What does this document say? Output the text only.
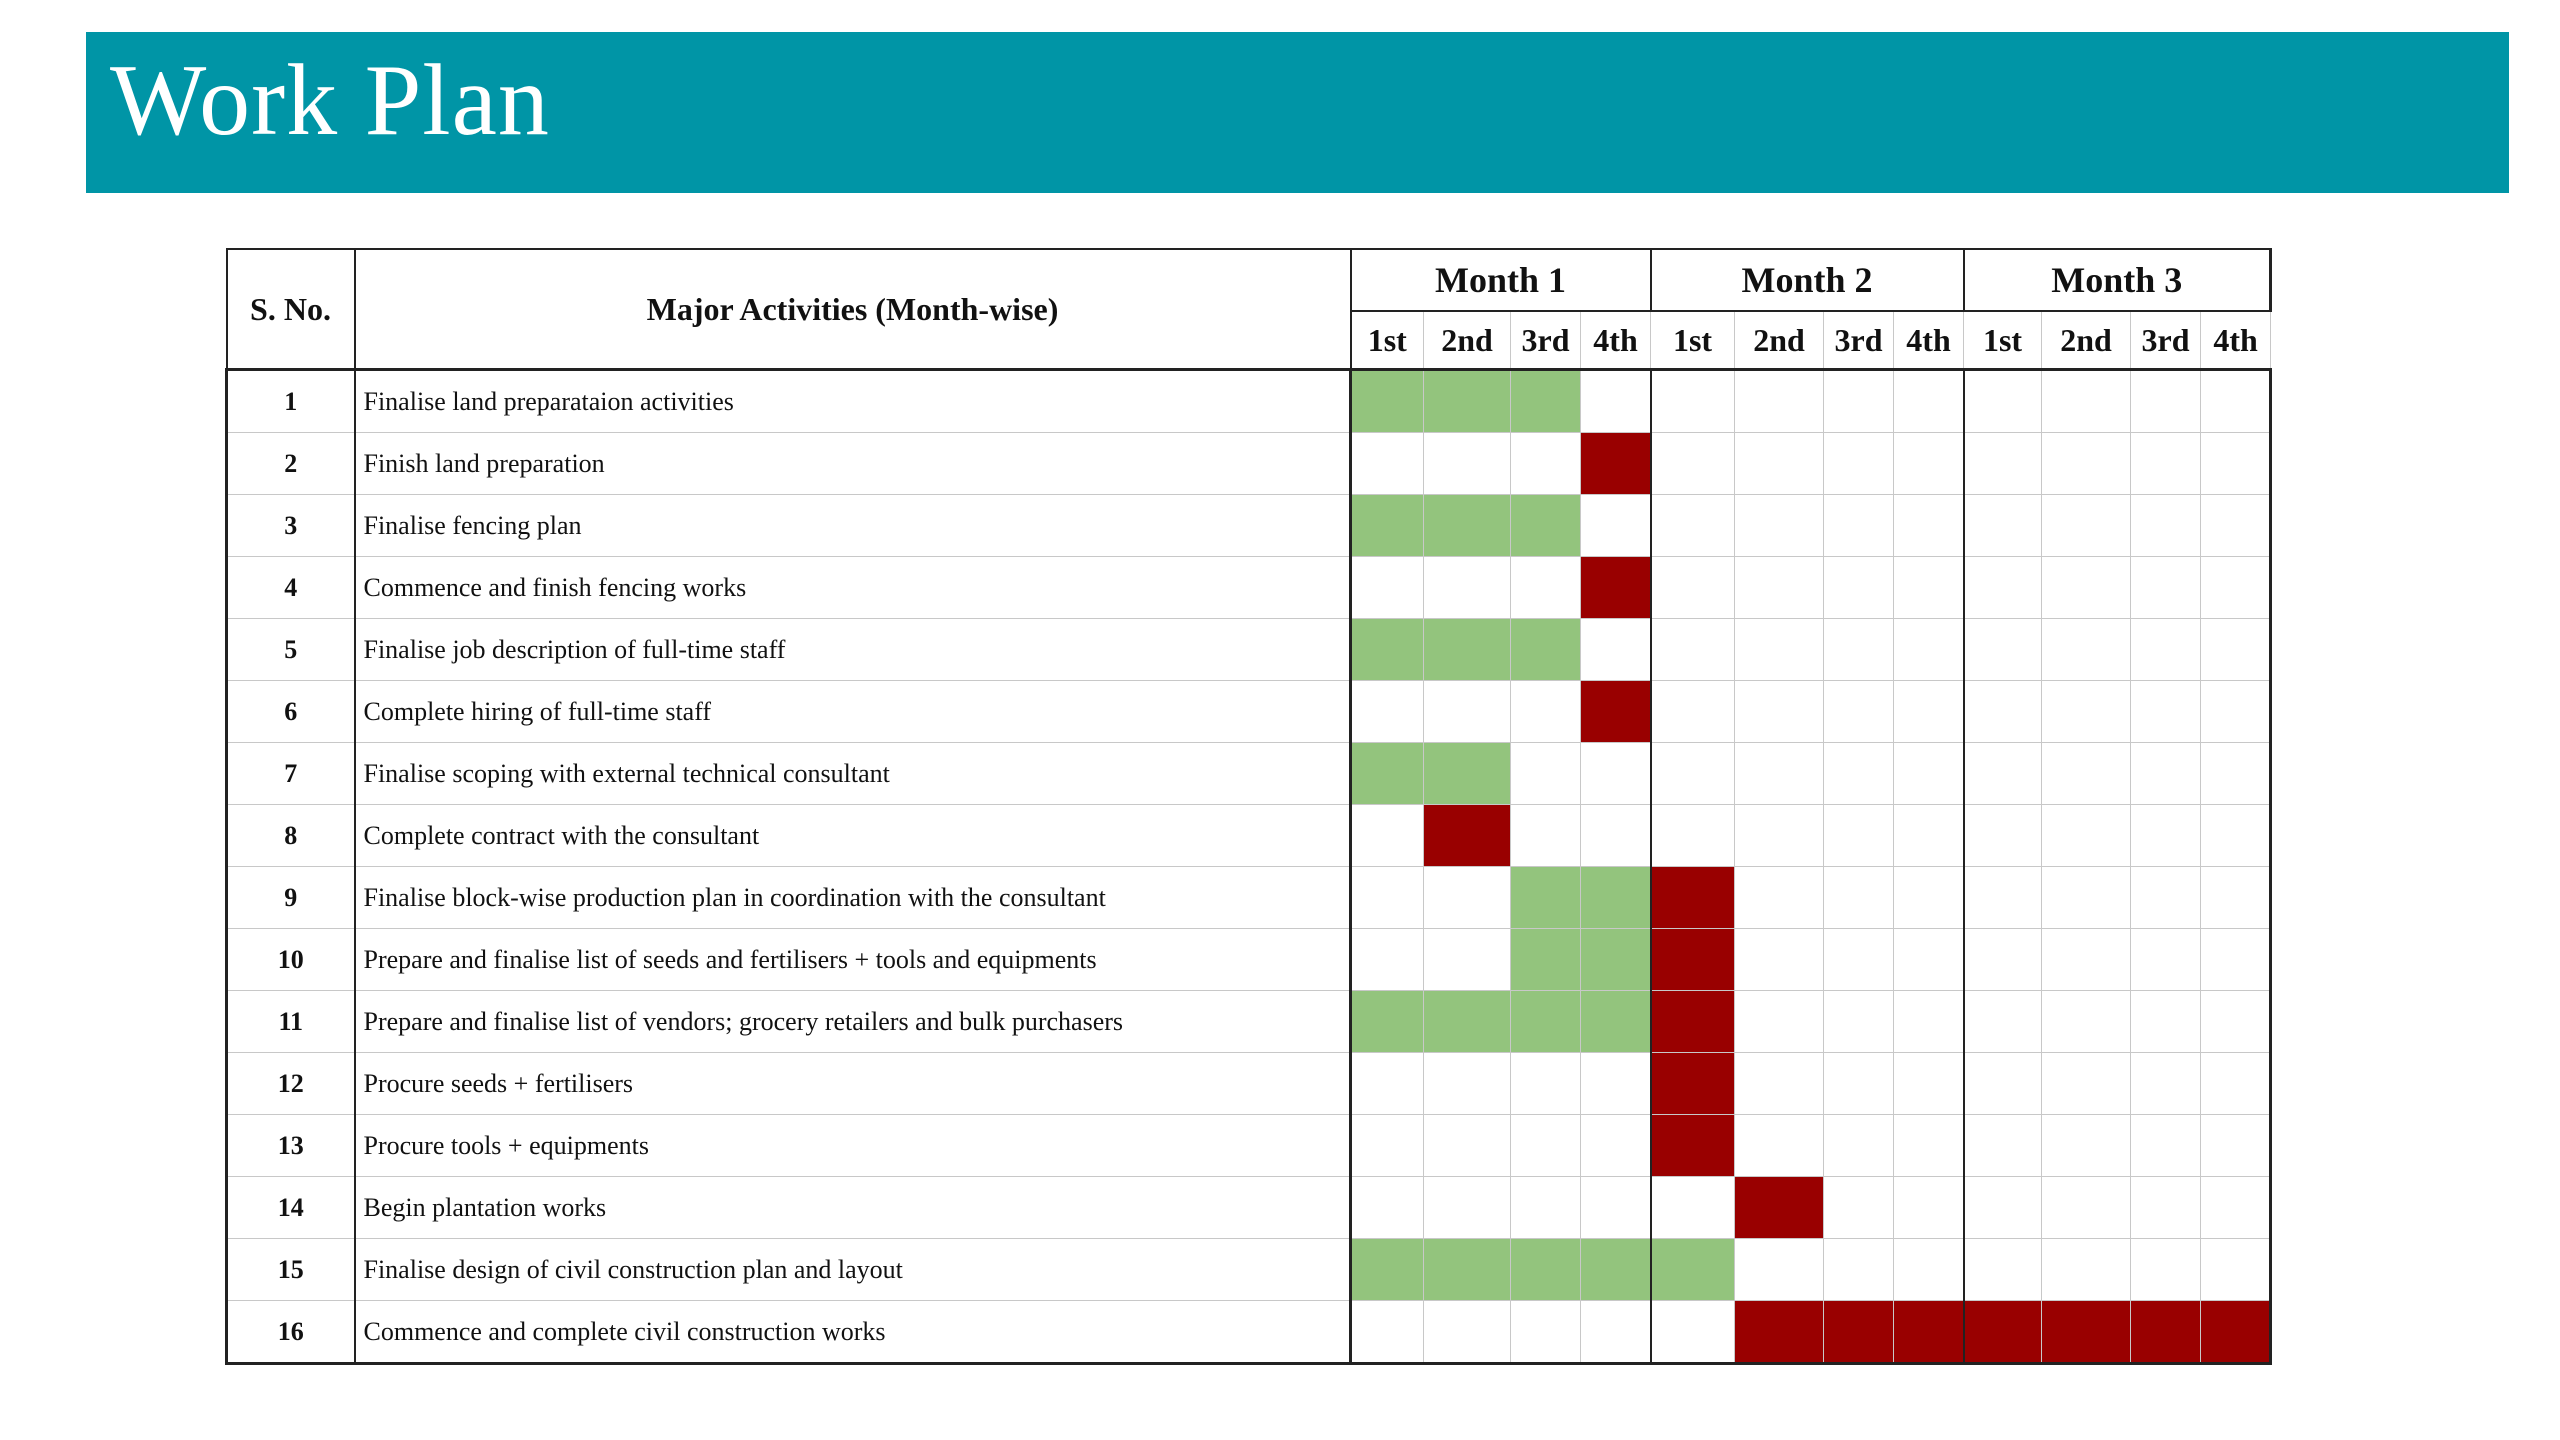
Work Plan
S. No.	Major Activities (Month-wise)	Month 1				Month 2				Month 3			
		1st	2nd	3rd	4th	1st	2nd	3rd	4th	1st	2nd	3rd	4th
1	Finalise land preparataion activities												
2	Finish land preparation												
3	Finalise fencing plan												
4	Commence and finish fencing works												
5	Finalise job description of full-time staff												
6	Complete hiring of full-time staff												
7	Finalise scoping with external technical consultant												
8	Complete contract with the consultant												
9	Finalise block-wise production plan in coordination with the consultant												
10	Prepare and finalise list of seeds and fertilisers + tools and equipments												
11	Prepare and finalise list of vendors; grocery retailers and bulk purchasers												
12	Procure seeds + fertilisers												
13	Procure tools + equipments												
14	Begin plantation works												
15	Finalise design of civil construction plan and layout												
16	Commence and complete civil construction works												
